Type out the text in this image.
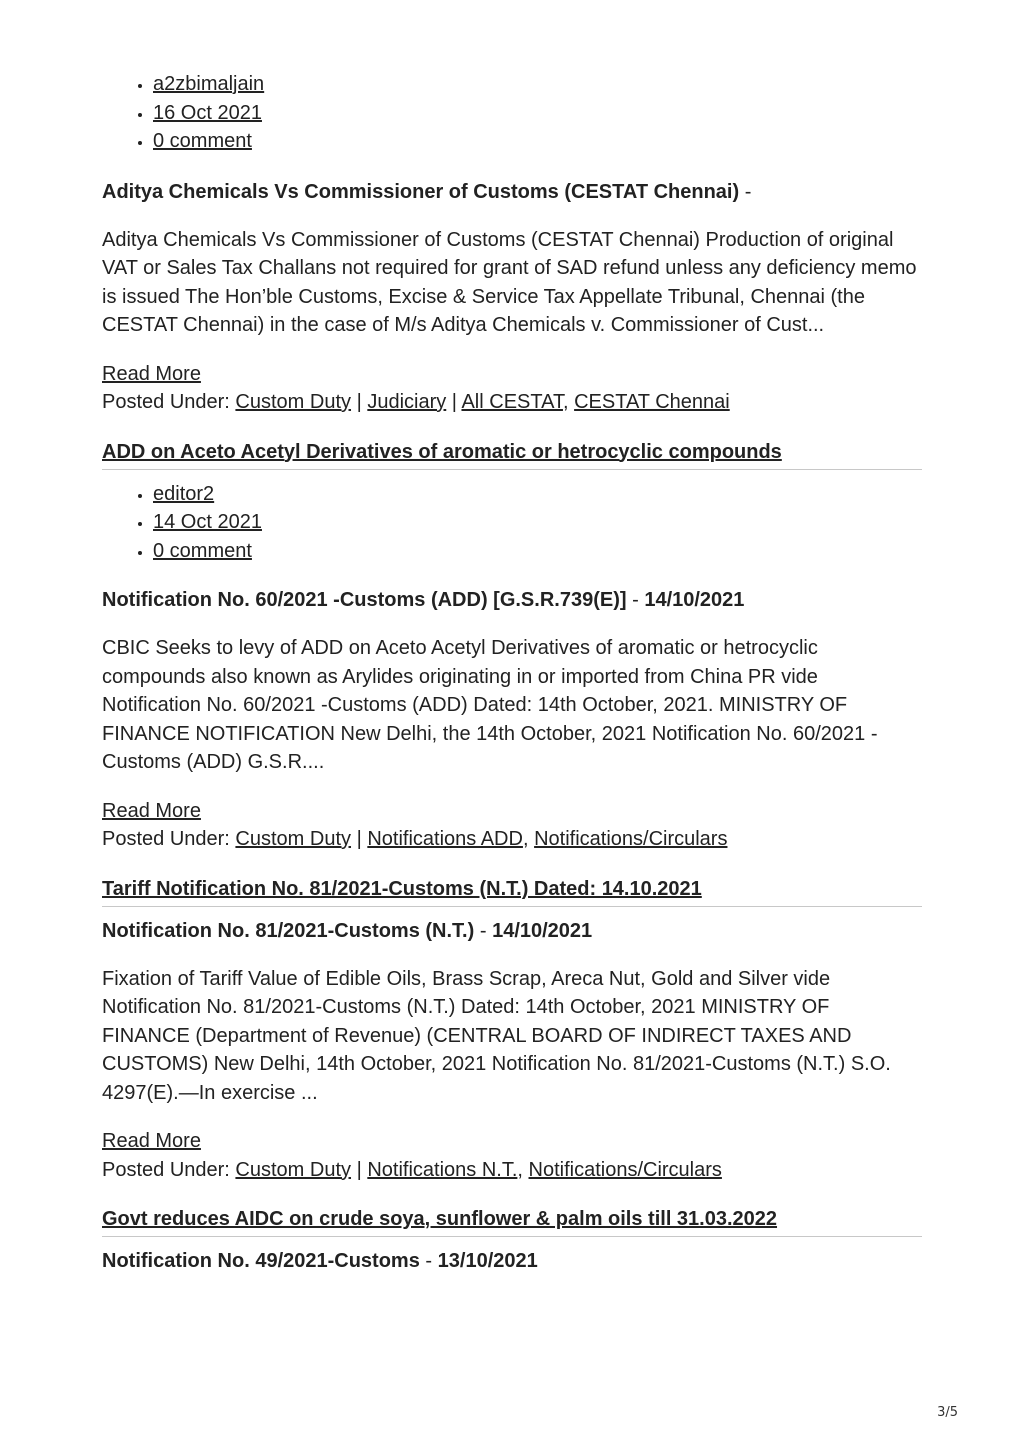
• a2zbimaljain
• 16 Oct 2021
• 0 comment

Aditya Chemicals Vs Commissioner of Customs (CESTAT Chennai) -

Aditya Chemicals Vs Commissioner of Customs (CESTAT Chennai) Production of original VAT or Sales Tax Challans not required for grant of SAD refund unless any deficiency memo is issued The Hon’ble Customs, Excise & Service Tax Appellate Tribunal, Chennai (the CESTAT Chennai) in the case of M/s Aditya Chemicals v. Commissioner of Cust...

Read More

Posted Under: Custom Duty | Judiciary | All CESTAT, CESTAT Chennai

ADD on Aceto Acetyl Derivatives of aromatic or hetrocyclic compounds
• editor2
• 14 Oct 2021
• 0 comment

Notification No. 60/2021 -Customs (ADD) [G.S.R.739(E)] - 14/10/2021

CBIC Seeks to levy of ADD on Aceto Acetyl Derivatives of aromatic or hetrocyclic compounds also known as Arylides originating in or imported from China PR vide Notification No. 60/2021 -Customs (ADD) Dated: 14th October, 2021. MINISTRY OF FINANCE NOTIFICATION New Delhi, the 14th October, 2021 Notification No. 60/2021 - Customs (ADD) G.S.R....

Read More

Posted Under: Custom Duty | Notifications ADD, Notifications/Circulars

Tariff Notification No. 81/2021-Customs (N.T.) Dated: 14.10.2021

Notification No. 81/2021-Customs (N.T.) - 14/10/2021

Fixation of Tariff Value of Edible Oils, Brass Scrap, Areca Nut, Gold and Silver vide Notification No. 81/2021-Customs (N.T.) Dated: 14th October, 2021 MINISTRY OF FINANCE (Department of Revenue) (CENTRAL BOARD OF INDIRECT TAXES AND CUSTOMS) New Delhi, 14th October, 2021 Notification No. 81/2021-Customs (N.T.) S.O. 4297(E).—In exercise ...

Read More

Posted Under: Custom Duty | Notifications N.T., Notifications/Circulars

Govt reduces AIDC on crude soya, sunflower & palm oils till 31.03.2022

Notification No. 49/2021-Customs - 13/10/2021

3/5
